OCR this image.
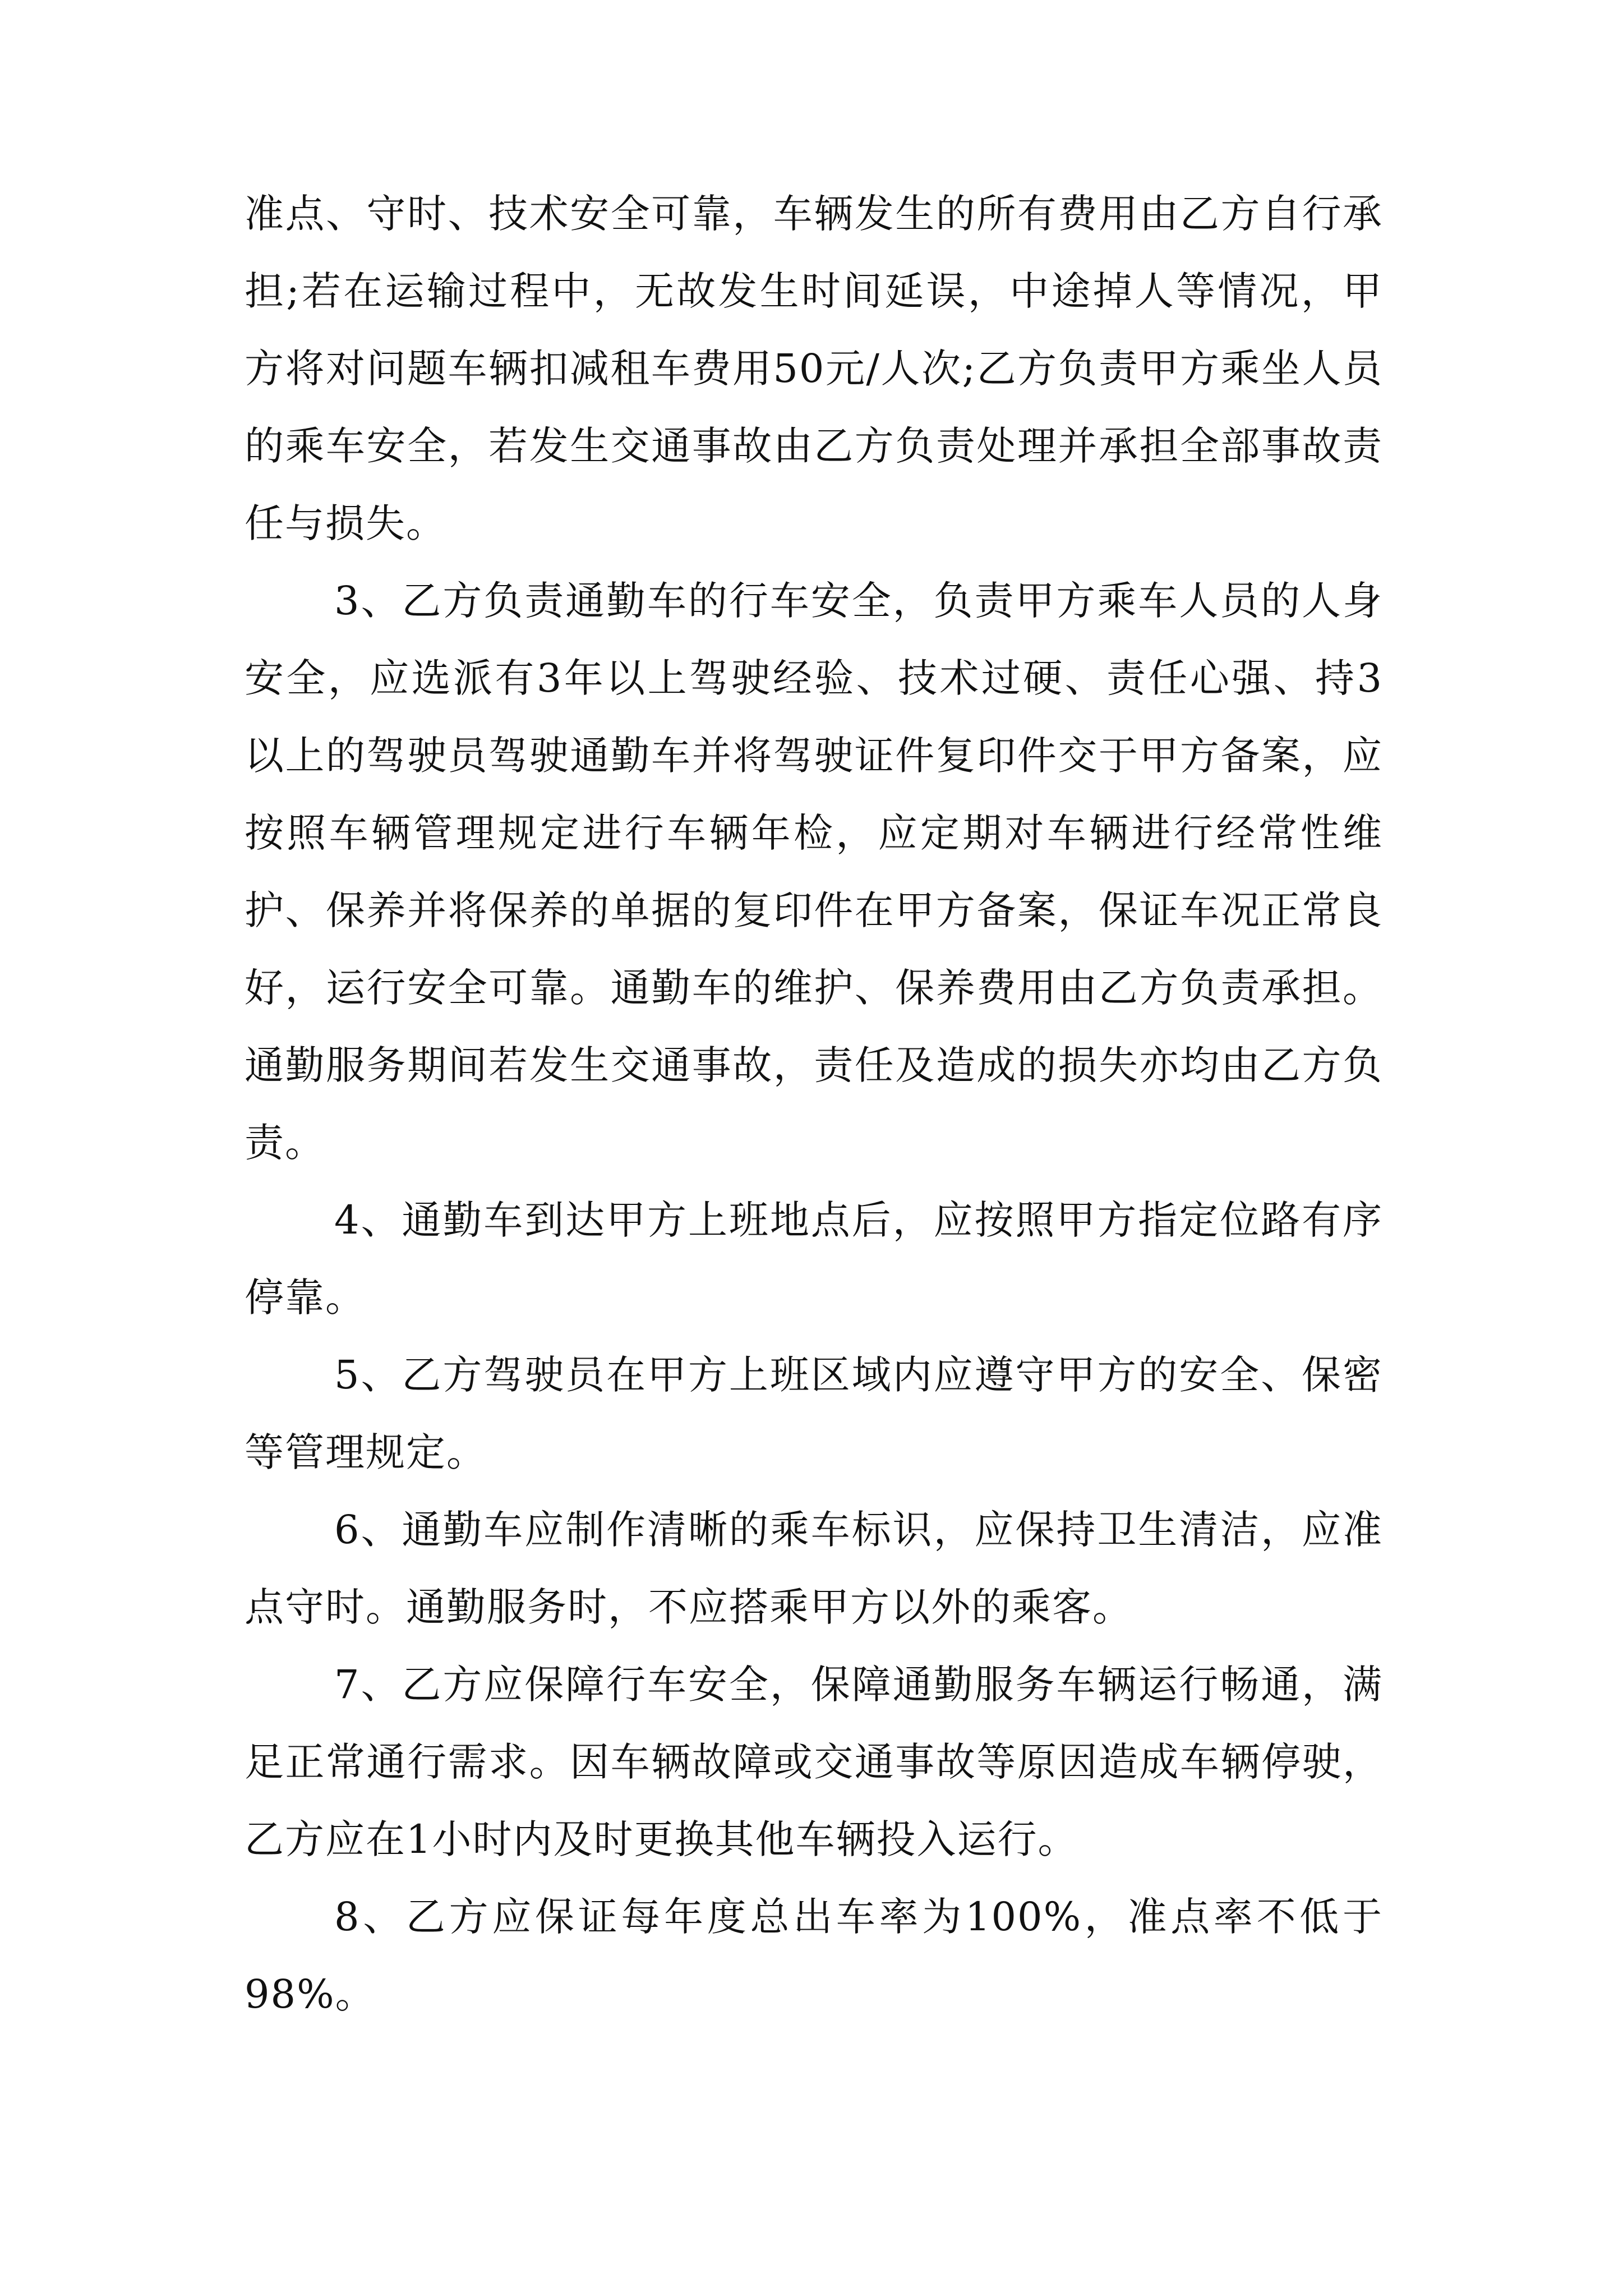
准点、守时、技术安全可靠，车辆发生的所有费用由乙方自行承担;若在运输过程中，无故发生时间延误，中途掉人等情况，甲方将对问题车辆扣减租车费用50元/人次;乙方负责甲方乘坐人员的乘车安全，若发生交通事故由乙方负责处理并承担全部事故责任与损失。

3、乙方负责通勤车的行车安全，负责甲方乘车人员的人身安全，应选派有3年以上驾驶经验、技术过硬、责任心强、持3以上的驾驶员驾驶通勤车并将驾驶证件复印件交于甲方备案，应按照车辆管理规定进行车辆年检，应定期对车辆进行经常性维护、保养并将保养的单据的复印件在甲方备案，保证车况正常良好，运行安全可靠。通勤车的维护、保养费用由乙方负责承担。通勤服务期间若发生交通事故，责任及造成的损失亦均由乙方负责。

4、通勤车到达甲方上班地点后，应按照甲方指定位路有序停靠。

5、乙方驾驶员在甲方上班区域内应遵守甲方的安全、保密等管理规定。

6、通勤车应制作清晰的乘车标识，应保持卫生清洁，应准点守时。通勤服务时，不应搭乘甲方以外的乘客。

7、乙方应保障行车安全，保障通勤服务车辆运行畅通，满足正常通行需求。因车辆故障或交通事故等原因造成车辆停驶，乙方应在1小时内及时更换其他车辆投入运行。

8、乙方应保证每年度总出车率为100%，准点率不低于98%。
